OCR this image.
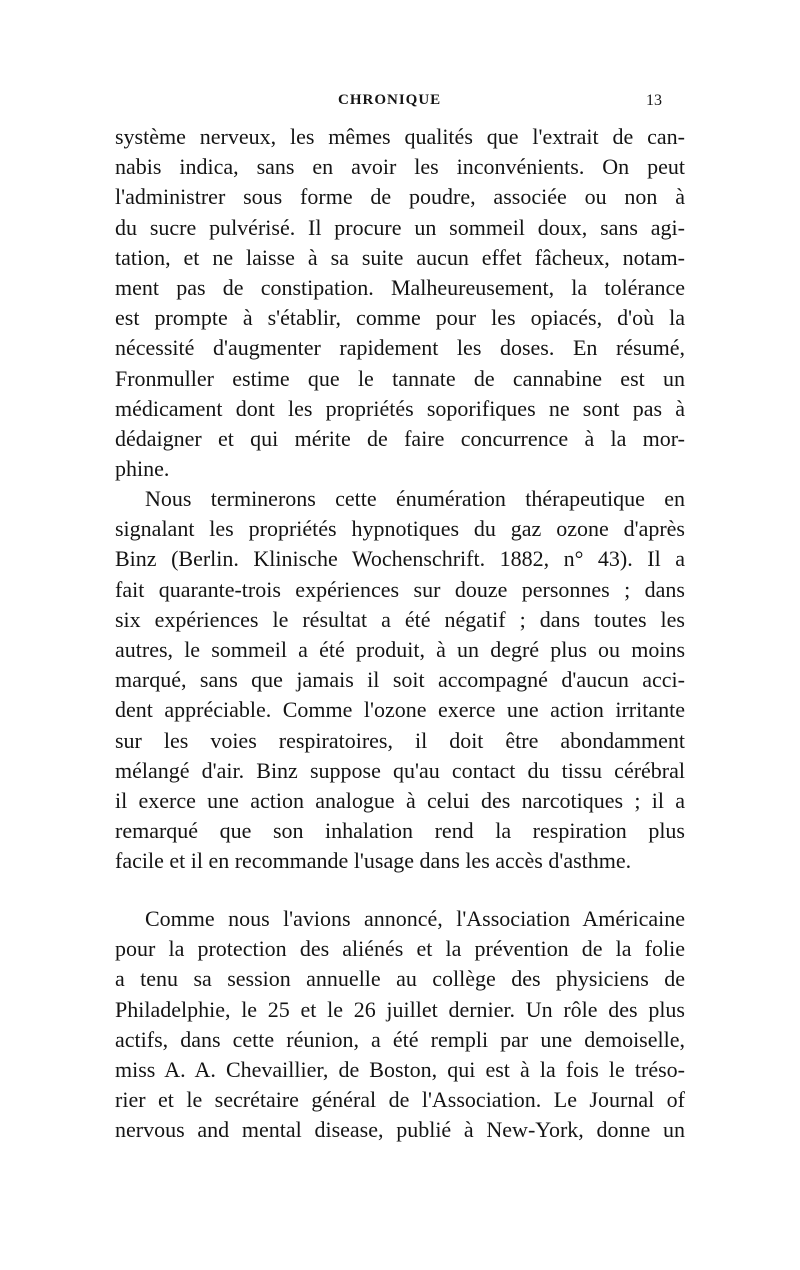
CHRONIQUE	13
système nerveux, les mêmes qualités que l'extrait de can-
nabis indica, sans en avoir les inconvénients. On peut
l'administrer sous forme de poudre, associée ou non à
du sucre pulvérisé. Il procure un sommeil doux, sans agi-
tation, et ne laisse à sa suite aucun effet fâcheux, notam-
ment pas de constipation. Malheureusement, la tolérance
est prompte à s'établir, comme pour les opiacés, d'où la
nécessité d'augmenter rapidement les doses. En résumé,
Fronmuller estime que le tannate de cannabine est un
médicament dont les propriétés soporifiques ne sont pas à
dédaigner et qui mérite de faire concurrence à la mor-
phine.
Nous terminerons cette énumération thérapeutique en
signalant les propriétés hypnotiques du gaz ozone d'après
Binz (Berlin. Klinische Wochenschrift. 1882, n° 43). Il a
fait quarante-trois expériences sur douze personnes ; dans
six expériences le résultat a été négatif ; dans toutes les
autres, le sommeil a été produit, à un degré plus ou moins
marqué, sans que jamais il soit accompagné d'aucun acci-
dent appréciable. Comme l'ozone exerce une action irritante
sur les voies respiratoires, il doit être abondamment
mélangé d'air. Binz suppose qu'au contact du tissu cérébral
il exerce une action analogue à celui des narcotiques ; il a
remarqué que son inhalation rend la respiration plus
facile et il en recommande l'usage dans les accès d'asthme.
Comme nous l'avions annoncé, l'Association Américaine
pour la protection des aliénés et la prévention de la folie
a tenu sa session annuelle au collège des physiciens de
Philadelphie, le 25 et le 26 juillet dernier. Un rôle des plus
actifs, dans cette réunion, a été rempli par une demoiselle,
miss A. A. Chevaillier, de Boston, qui est à la fois le tréso-
rier et le secrétaire général de l'Association. Le Journal of
nervous and mental disease, publié à New-York, donne un
